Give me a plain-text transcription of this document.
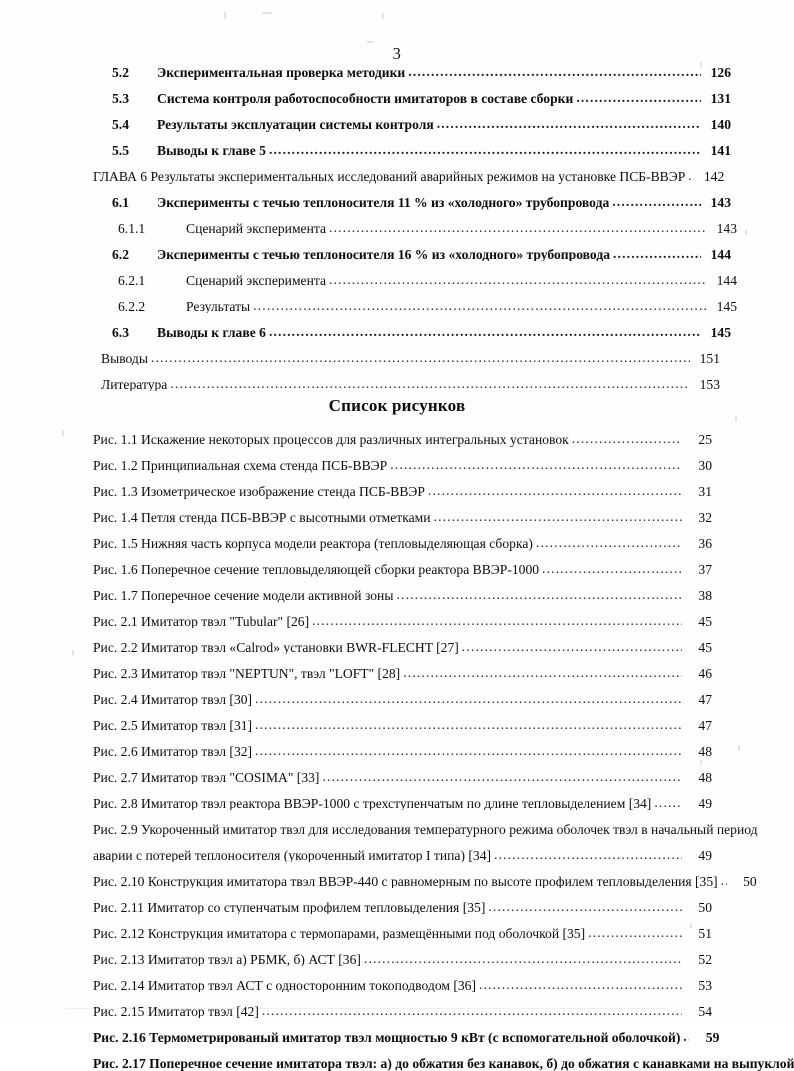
3
5.2	Экспериментальная проверка методики .....	126
5.3	Система контроля работоспособности имитаторов в составе сборки .....	131
5.4	Результаты эксплуатации системы контроля .....	140
5.5	Выводы к главе 5 .....	141
ГЛАВА 6 Результаты экспериментальных исследований аварийных режимов на установке ПСБ-ВВЭР .....	142
6.1	Эксперименты с течью теплоносителя 11 % из «холодного» трубопровода .....	143
6.1.1	Сценарий эксперимента .....	143
6.2	Эксперименты с течью теплоносителя 16 % из «холодного» трубопровода .....	144
6.2.1	Сценарий эксперимента .....	144
6.2.2	Результаты .....	145
6.3	Выводы к главе 6 .....	145
Выводы .....	151
Литература .....	153
Список рисунков
Рис. 1.1 Искажение некоторых процессов для различных интегральных установок .....	25
Рис. 1.2 Принципиальная схема стенда ПСБ-ВВЭР .....	30
Рис. 1.3 Изометрическое изображение стенда ПСБ-ВВЭР .....	31
Рис. 1.4 Петля стенда ПСБ-ВВЭР с высотными отметками .....	32
Рис. 1.5 Нижняя часть корпуса модели реактора (тепловыделяющая сборка) .....	36
Рис. 1.6 Поперечное сечение тепловыделяющей сборки реактора ВВЭР-1000 .....	37
Рис. 1.7 Поперечное сечение модели активной зоны .....	38
Рис. 2.1 Имитатор твэл "Tubular" [26] .....	45
Рис. 2.2 Имитатор твэл «Calrod» установки BWR-FLECHT [27] .....	45
Рис. 2.3 Имитатор твэл "NEPTUN", твэл "LOFT" [28] .....	46
Рис. 2.4 Имитатор твэл [30] .....	47
Рис. 2.5 Имитатор твэл [31] .....	47
Рис. 2.6 Имитатор твэл [32] .....	48
Рис. 2.7 Имитатор твэл "COSIMA" [33] .....	48
Рис. 2.8 Имитатор твэл реактора ВВЭР-1000 с трехступенчатым по длине тепловыделением [34] .....	49
Рис. 2.9 Укороченный имитатор твэл для исследования температурного режима оболочек твэл в начальный период
аварии с потерей теплоносителя (укороченный имитатор I типа) [34] .....	49
Рис. 2.10 Конструкция имитатора твэл ВВЭР-440 с равномерным по высоте профилем тепловыделения [35] .....	50
Рис. 2.11 Имитатор со ступенчатым профилем тепловыделения [35] .....	50
Рис. 2.12 Конструкция имитатора с термопарами, размещёнными под оболочкой [35] .....	51
Рис. 2.13 Имитатор твэл а) РБМК, б) АСТ [36] .....	52
Рис. 2.14 Имитатор твэл АСТ с односторонним токоподводом [36] .....	53
Рис. 2.15 Имитатор твэл [42] .....	54
Рис. 2.16 Термометрированый имитатор твэл мощностью 9 кВт (с вспомогательной оболочкой) .....	59
Рис. 2.17 Поперечное сечение имитатора твэл: а) до обжатия без канавок, б) до обжатия с канавками на выпуклой
